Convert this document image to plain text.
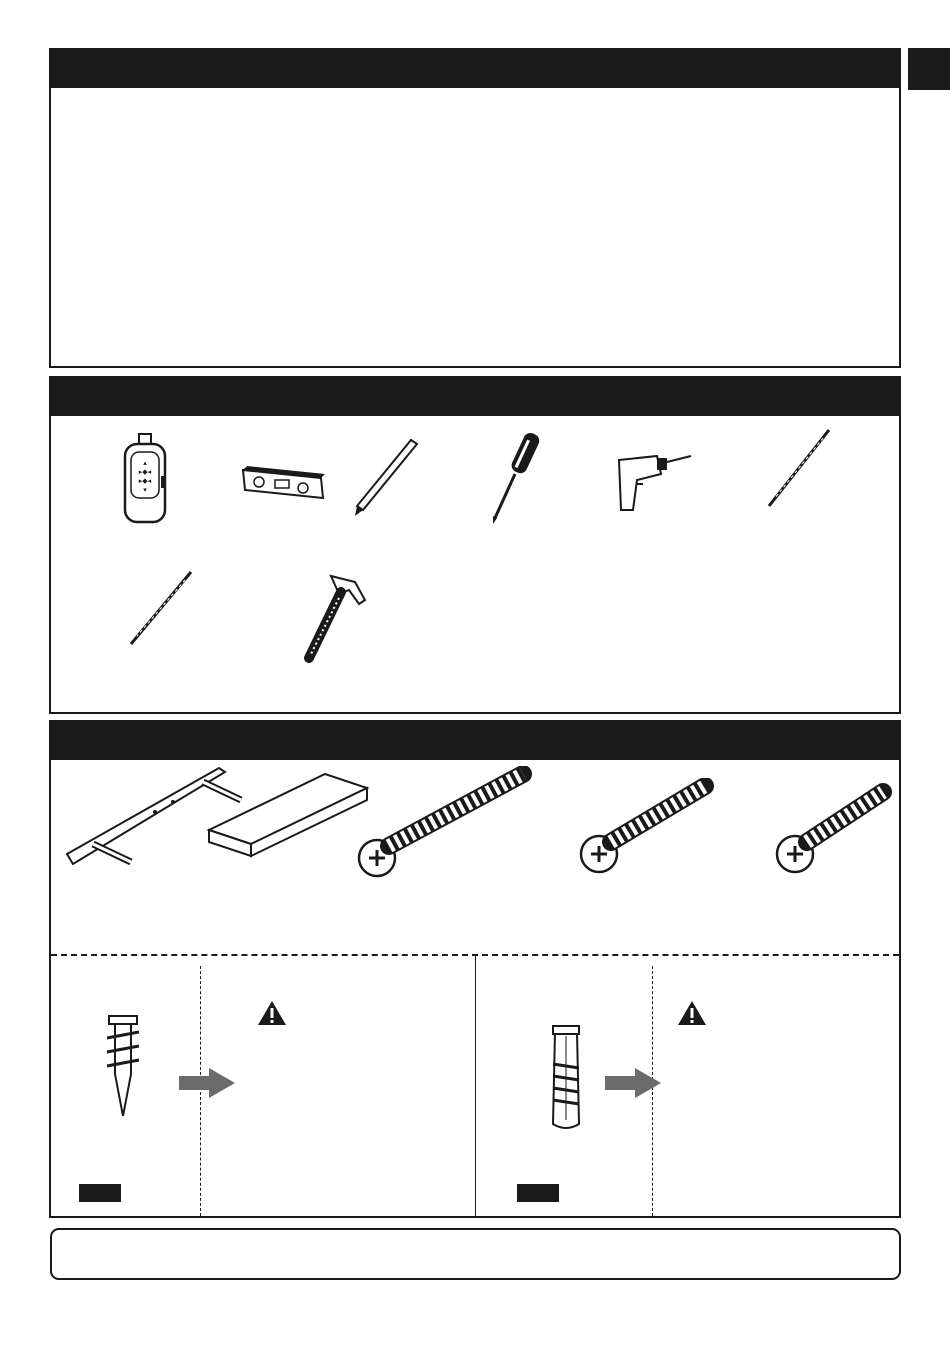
▴
▸◆◂
▸◆◂
▾
